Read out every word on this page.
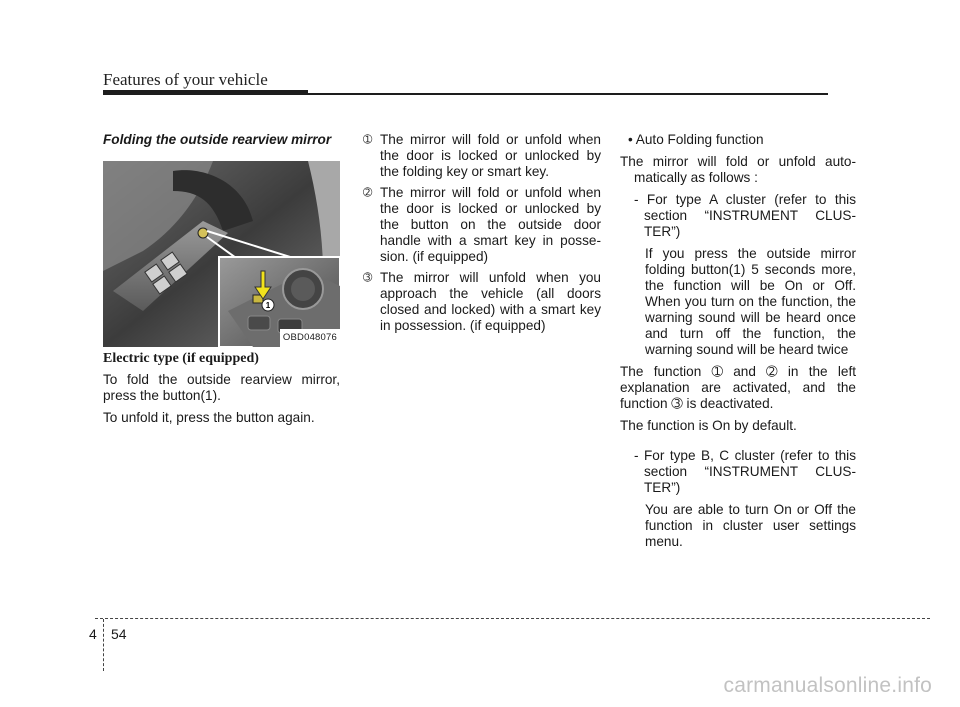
Features of your vehicle
Folding the outside rearview mirror
1
OBD048076
Electric type (if equipped)

To fold the outside rearview mirror, press the button(1).

To unfold it, press the button again.

➀ The mirror will fold or unfold when the door is locked or unlocked by the folding key or smart key.
➁ The mirror will fold or unfold when the door is locked or unlocked by the button on the outside door handle with a smart key in posse-sion. (if equipped)
➂ The mirror will unfold when you approach the vehicle (all doors closed and locked) with a smart key in possession. (if equipped)

• Auto Folding function

The mirror will fold or unfold auto-matically as follows :

- For type A cluster (refer to this section “INSTRUMENT CLUS-TER”)

If you press the outside mirror folding button(1) 5 seconds more, the function will be On or Off. When you turn on the function, the warning sound will be heard once and turn off the function, the warning sound will be heard twice

The function ➀ and ➁ in the left explanation are activated, and the function ➂ is deactivated.

The function is On by default.

- For type B, C cluster (refer to this section “INSTRUMENT CLUS-TER”)

You are able to turn On or Off the function in cluster user settings menu.

4 54
carmanualsonline.info
